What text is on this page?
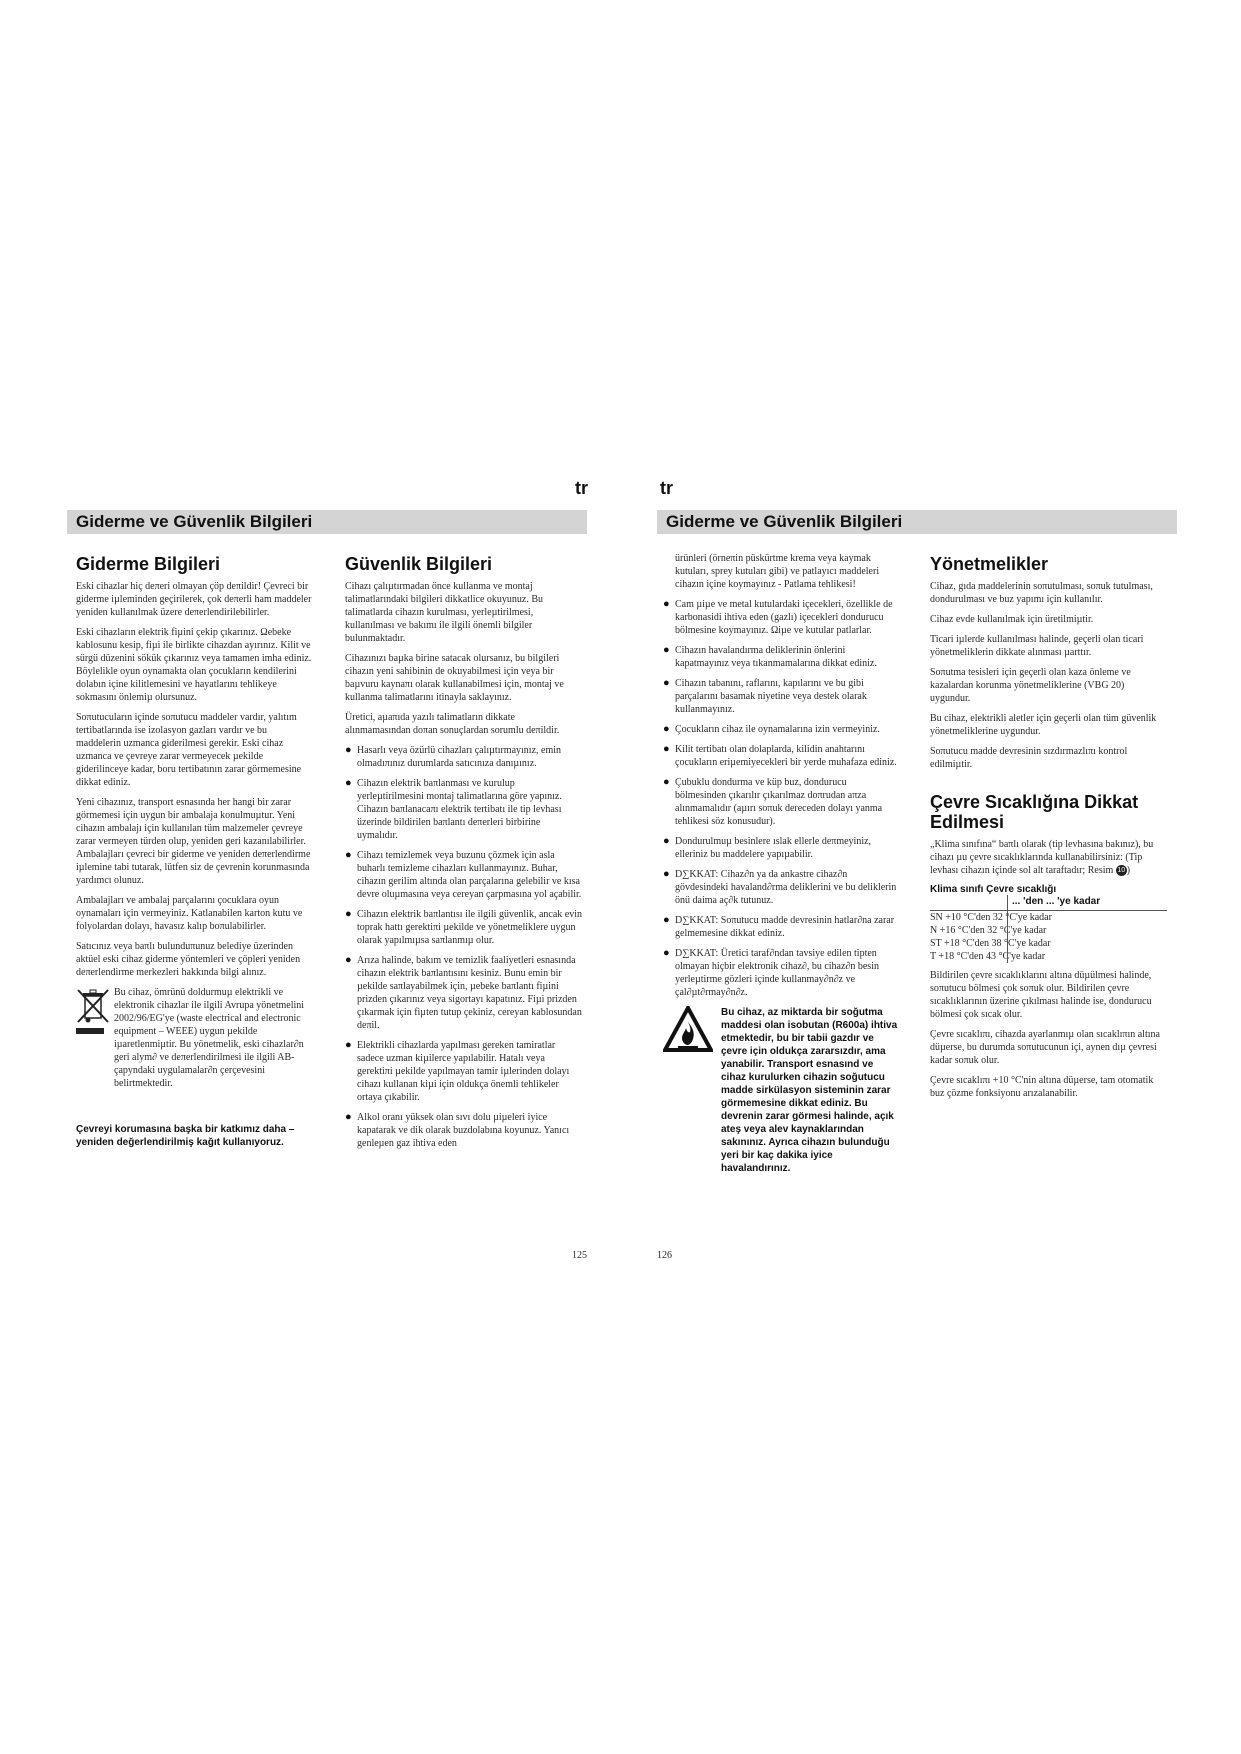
tr
Giderme ve Güvenlik Bilgileri
Giderme Bilgileri

Eski cihazlar hiç deπeri olmayan çöp deπildir! Çevreci bir giderme iµleminden geçirilerek, çok deπerli ham maddeler yeniden kullanılmak üzere deπerlendirilebilirler.

Eski cihazların elektrik fiµini çekip çıkarınız. Ωebeke kablosunu kesip, fiµi ile birlikte cihazdan ayırınız. Kilit ve sürgü düzenini sökük çıkarınız veya tamamen imha ediniz. Böylelikle oyun oynamakta olan çocukların kendilerini dolabın içine kilitlemesini ve hayatlarını tehlikeye sokmasını önlemiµ olursunuz.

Soπutucuların içinde soπutucu maddeler vardır, yalıtım tertibatlarında ise izolasyon gazları vardır ve bu maddelerin uzmanca giderilmesi gerekir. Eski cihaz uzmanca ve çevreye zarar vermeyecek µekilde giderilinceye kadar, boru tertibatının zarar görmemesine dikkat ediniz.

Yeni cihazınız, transport esnasında her hangi bir zarar görmemesi için uygun bir ambalaja konulmuµtur. Yeni cihazın ambalajı için kullanılan tüm malzemeler çevreye zarar vermeyen türden olup, yeniden geri kazanılabilirler. Ambalajları çevreci bir giderme ve yeniden deπerlendirme iµlemine tabi tutarak, lütfen siz de çevrenin korunmasında yardımcı olunuz.

Ambalajları ve ambalaj parçalarını çocuklara oyun oynamaları için vermeyiniz. Katlanabilen karton kutu ve folyolardan dolayı, havasız kalıp boπulabilirler.

Satıcınız veya baπlı bulunduπunuz belediye üzerinden aktüel eski cihaz giderme yöntemleri ve çöpleri yeniden deπerlendirme merkezleri hakkında bilgi alınız.

Bu cihaz, ömrünü doldurmuµ elektrikli ve elektronik cihazlar ile ilgili Avrupa yönetmelini 2002/96/EG'ye (waste electrical and electronic equipment – WEEE) uygun µekilde iµaretlenmiµtir. Bu yönetmelik, eski cihazlar∂n geri alym∂ ve deπerlendirilmesi ile ilgili AB-çapyndaki uygulamalar∂n çerçevesini belirtmektedir.

Çevreyi korumasına başka bir katkımız daha – yeniden değerlendirilmiş kağıt kullanıyoruz.
Güvenlik Bilgileri

Cihazı çalıµtırmadan önce kullanma ve montaj talimatlarındaki bilgileri dikkatlice okuyunuz. Bu talimatlarda cihazın kurulması, yerleµtirilmesi, kullanılması ve bakımı ile ilgili önemli bilgiler bulunmaktadır.

Cihazınızı baµka birine satacak olursanız, bu bilgileri cihazın yeni sahibinin de okuyabilmesi için veya bir baµvuru kaynaπı olarak kullanabilmesi için, montaj ve kullanma talimatlarını itinayla saklayınız.

Üretici, aµaπıda yazılı talimatların dikkate alınmamasından doπan sonuçlardan sorumlu deπildir.

● Hasarlı veya özürlü cihazları çalıµtırmayınız, emin olmadıπınız durumlarda satıcınıza danıµınız.
● Cihazın elektrik baπlanması ve kurulup yerleµtirilmesini montaj talimatlarına göre yapınız. Cihazın baπlanacaπı elektrik tertibatı ile tip levhası üzerinde bildirilen baπlantı deπerleri birbirine uymalıdır.
● Cihazı temizlemek veya buzunu çözmek için asla buharlı temizleme cihazları kullanmayınız. Buhar, cihazın gerilim altında olan parçalarına gelebilir ve kısa devre oluµmasına veya cereyan çarpmasına yol açabilir.
● Cihazın elektrik baπlantısı ile ilgili güvenlik, ancak evin toprak hattı gerektiπi µekilde ve yönetmeliklere uygun olarak yapılmıµsa saπlanmıµ olur.
● Arıza halinde, bakım ve temizlik faaliyetleri esnasında cihazın elektrik baπlantısını kesiniz. Bunu emin bir µekilde saπlayabilmek için, µebeke baπlantı fiµini prizden çıkarınız veya sigortayı kapatınız. Fiµi prizden çıkarmak için fiµten tutup çekiniz, cereyan kablosundan deπil.
● Elektrikli cihazlarda yapılması gereken tamiratlar sadece uzman kiµilerce yapılabilir. Hatalı veya gerektiπi µekilde yapılmayan tamir iµlerinden dolayı cihazı kullanan kiµi için oldukça önemli tehlikeler ortaya çıkabilir.
● Alkol oranı yüksek olan sıvı dolu µiµeleri iyice kapatarak ve dik olarak buzdolabına koyunuz. Yanıcı genleµen gaz ihtiva eden
125
tr
Giderme ve Güvenlik Bilgileri

ürünleri (örneπin püskürtme krema veya kaymak kutuları, sprey kutuları gibi) ve patlayıcı maddeleri cihazın içine koymayınız - Patlama tehlikesi!

● Cam µiµe ve metal kutulardaki içecekleri, özellikle de karbonasidi ihtiva eden (gazlı) içecekleri dondurucu bölmesine koymayınız. Ωiµe ve kutular patlarlar.
● Cihazın havalandırma deliklerinin önlerini kapatmayınız veya tıkanmamalarına dikkat ediniz.
● Cihazın tabanını, raflarını, kapılarını ve bu gibi parçalarını basamak niyetine veya destek olarak kullanmayınız.
● Çocukların cihaz ile oynamalarına izin vermeyiniz.
● Kilit tertibatı olan dolaplarda, kilidin anahtarını çocukların eriµemiyecekleri bir yerde muhafaza ediniz.
● Çubuklu dondurma ve küp buz, dondurucu bölmesinden çıkarılır çıkarılmaz doπrudan aπza alınmamalıdır (aµırı soπuk dereceden dolayı yanma tehlikesi söz konusudur).
● Dondurulmuµ besinlere ıslak ellerle deπmeyiniz, elleriniz bu maddelere yapıµabilir.
● D∑KKAT: Cihaz∂n ya da ankastre cihaz∂n gövdesindeki havaland∂rma deliklerini ve bu deliklerin önü daima aç∂k tutunuz.
● D∑KKAT: Soπutucu madde devresinin hatlar∂na zarar gelmemesine dikkat ediniz.
● D∑KKAT: Üretici taraf∂ndan tavsiye edilen tipten olmayan hiçbir elektronik cihaz∂, bu cihaz∂n besin yerleµtirme gözleri içinde kullanmay∂n∂z ve çal∂µt∂rmay∂n∂z.
Bu cihaz, az miktarda bir soğutma maddesi olan isobutan (R600a) ihtiva etmektedir, bu bir tabii gazdır ve çevre için oldukça zararsızdır, ama yanabilir. Transport esnasınd ve cihaz kurulurken cihazin soğutucu madde sirkülasyon sisteminin zarar görmemesine dikkat ediniz. Bu devrenin zarar görmesi halinde, açık ateş veya alev kaynaklarından sakınınız. Ayrıca cihazın bulunduğu yeri bir kaç dakika iyice havalandırınız.
Yönetmelikler

Cihaz, gıda maddelerinin soπutulması, soπuk tutulması, dondurulması ve buz yapımı için kullanılır.

Cihaz evde kullanılmak için üretilmiµtir.

Ticari iµlerde kullanılması halinde, geçerli olan ticari yönetmeliklerin dikkate alınması µarttır.

Soπutma tesisleri için geçerli olan kaza önleme ve kazalardan korunma yönetmeliklerine (VBG 20) uygundur.

Bu cihaz, elektrikli aletler için geçerli olan tüm güvenlik yönetmeliklerine uygundur.

Soπutucu madde devresinin sızdırmazlıπı kontrol edilmiµtir.

Çevre Sıcaklığına Dikkat Edilmesi

„Klima sınıfına“ baπlı olarak (tip levhasına bakınız), bu cihazı µu çevre sıcaklıklarında kullanabilirsiniz: (Tip levhası cihazın içinde sol alt taraftadır; Resim 10 )

Klima sınıfı Çevre sıcaklığı
... 'den ... 'ye kadar
SN +10 °C'den 32 °C'ye kadar
N +16 °C'den 32 °C'ye kadar
ST +18 °C'den 38 °C'ye kadar
T +18 °C'den 43 °C'ye kadar

Bildirilen çevre sıcaklıklarını altına düµülmesi halinde, soπutucu bölmesi çok soπuk olur. Bildirilen çevre sıcaklıklarının üzerine çıkılması halinde ise, dondurucu bölmesi çok sıcak olur.

Çevre sıcaklıπı, cihazda ayarlanmıµ olan sıcaklıπın altına düµerse, bu durumda soπutucunun içi, aynen dıµ çevresi kadar soπuk olur.

Çevre sıcaklıπı +10 °C'nin altına düµerse, tam otomatik buz çözme fonksiyonu arızalanabilir.

126
